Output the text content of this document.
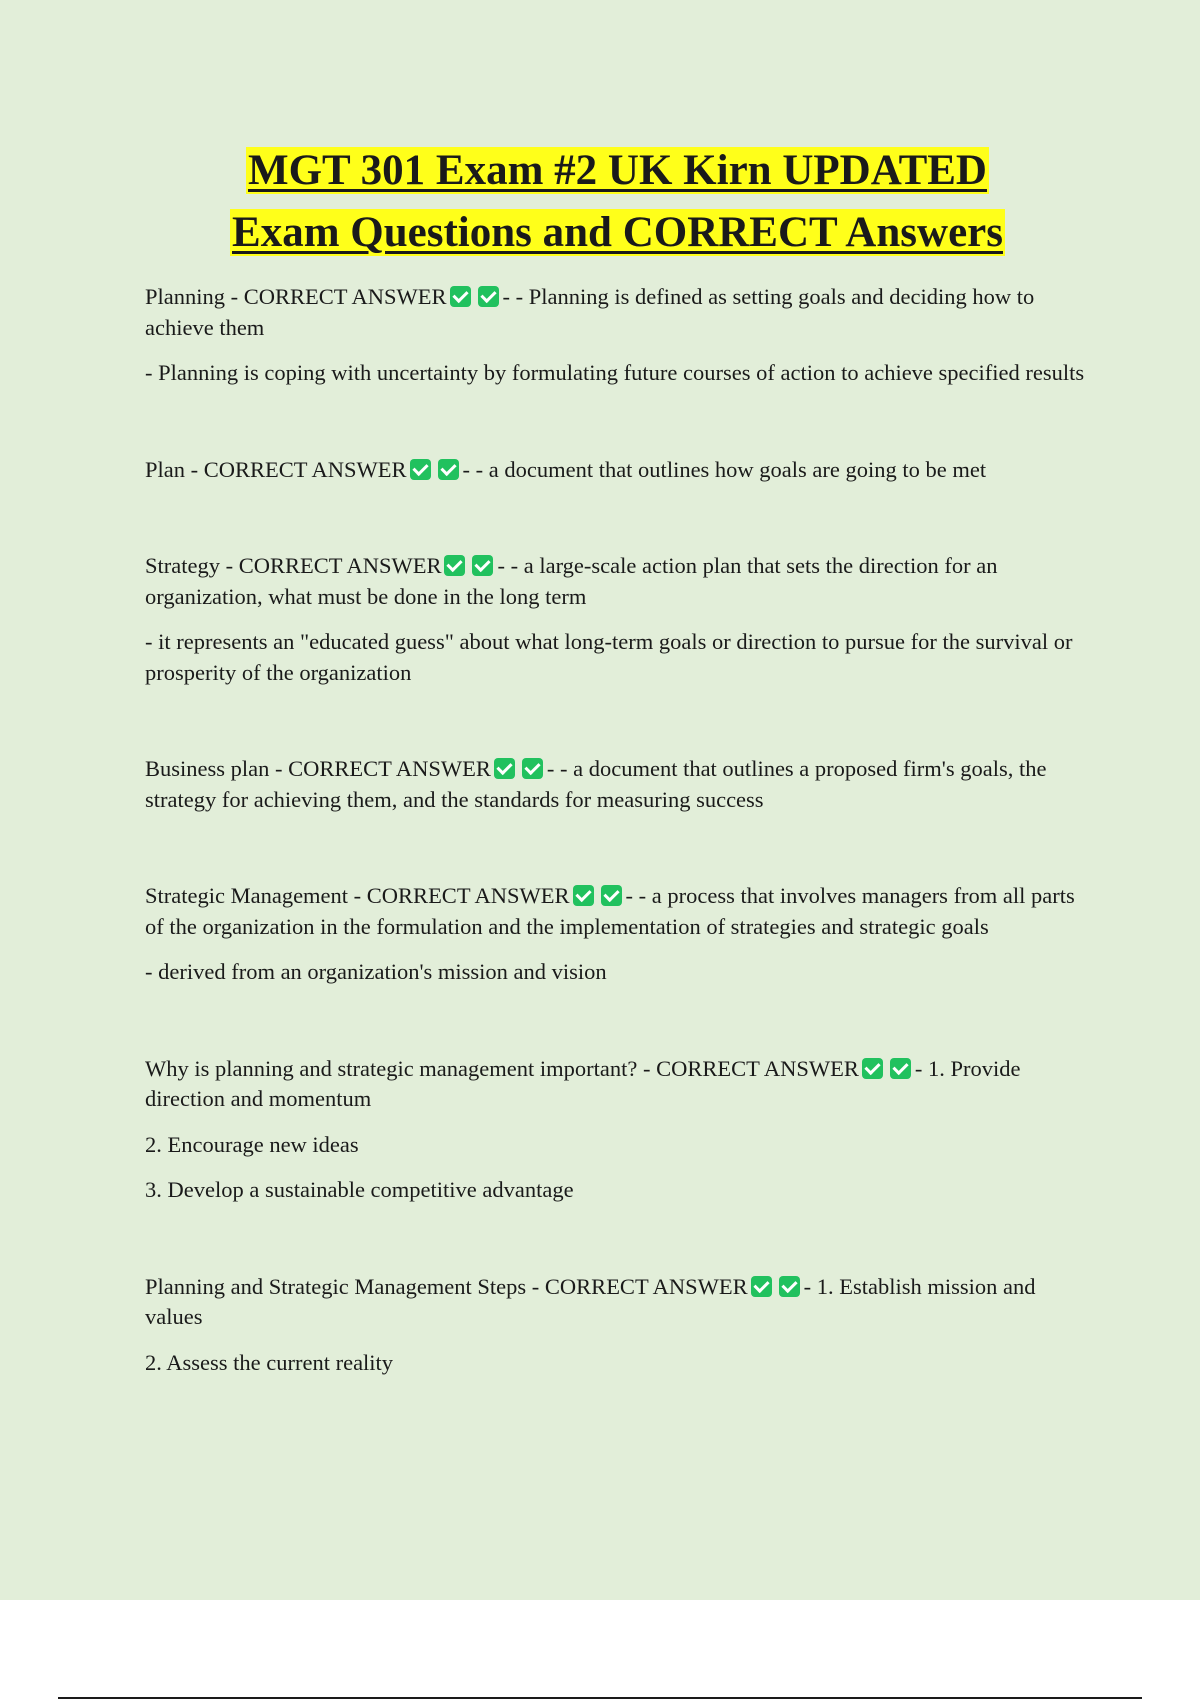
MGT 301 Exam #2 UK Kirn UPDATED
Exam Questions and CORRECT Answers

Planning - CORRECT ANSWER - - Planning is defined as setting goals and deciding how to achieve them

- Planning is coping with uncertainty by formulating future courses of action to achieve specified results

Plan - CORRECT ANSWER - - a document that outlines how goals are going to be met

Strategy - CORRECT ANSWER - - a large-scale action plan that sets the direction for an organization, what must be done in the long term

- it represents an "educated guess" about what long-term goals or direction to pursue for the survival or prosperity of the organization

Business plan - CORRECT ANSWER - - a document that outlines a proposed firm's goals, the strategy for achieving them, and the standards for measuring success

Strategic Management - CORRECT ANSWER - - a process that involves managers from all parts of the organization in the formulation and the implementation of strategies and strategic goals

- derived from an organization's mission and vision

Why is planning and strategic management important? - CORRECT ANSWER - 1. Provide direction and momentum

2. Encourage new ideas

3. Develop a sustainable competitive advantage

Planning and Strategic Management Steps - CORRECT ANSWER - 1. Establish mission and values

2. Assess the current reality
